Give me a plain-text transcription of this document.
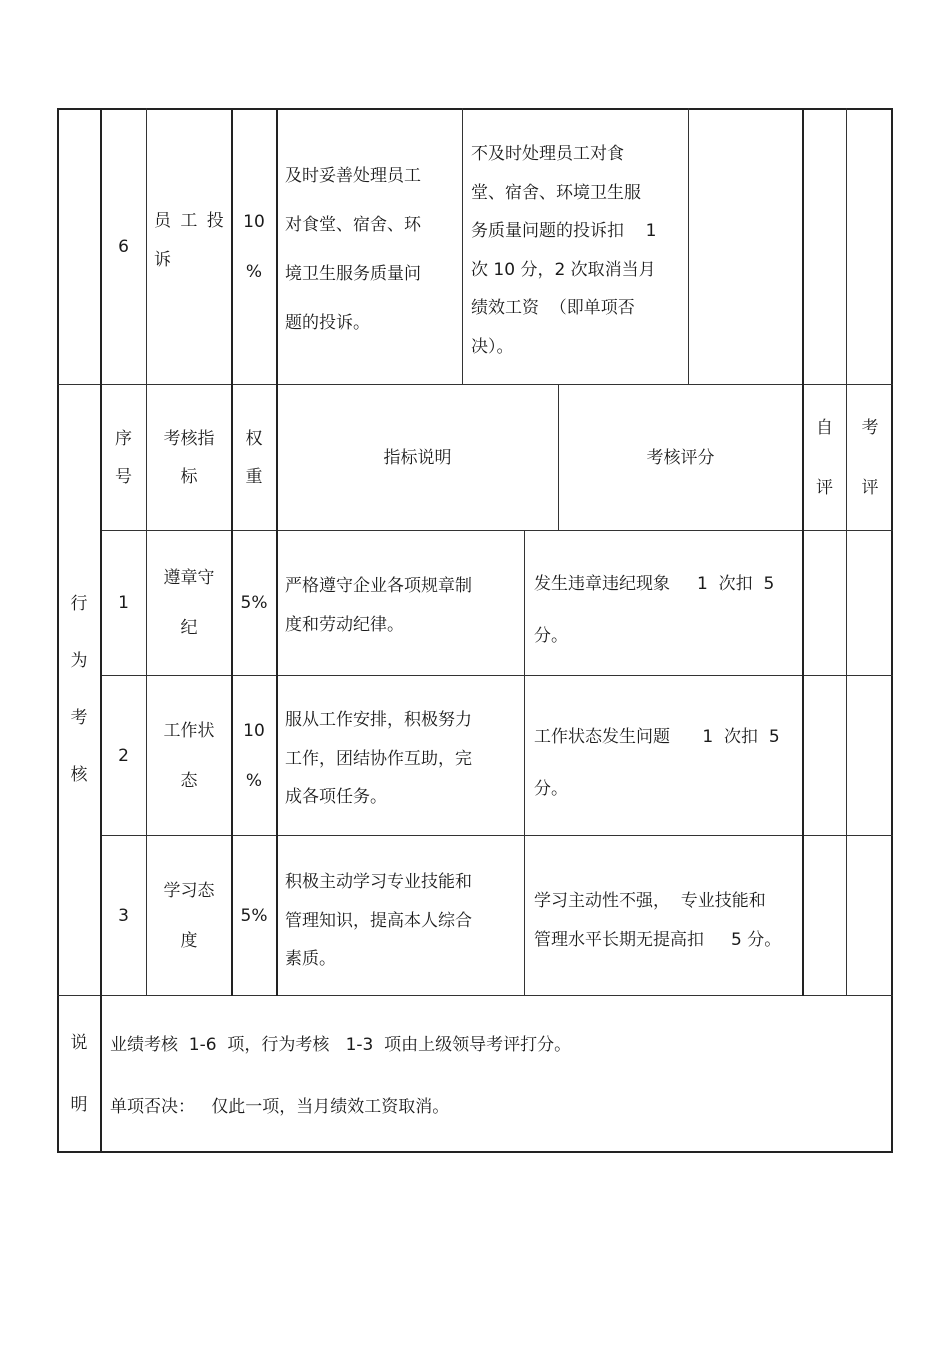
6
员 工 投
诉
10
%
及时妥善处理员工
对食堂、宿舍、环
境卫生服务质量问
题的投诉。
不及时处理员工对食
堂、宿舍、环境卫生服
务质量问题的投诉扣    1
次 10 分，2 次取消当月
绩效工资  （即单项否
决）。
行
为
考
核
序
号
考核指
标
权
重
指标说明	考核评分
自
评
考
评
1
遵章守
纪
5%
严格遵守企业各项规章制
度和劳动纪律。
发生违章违纪现象     1  次扣  5
分。
2
工作状
态
10
%
服从工作安排，积极努力
工作，团结协作互助，完
成各项任务。
工作状态发生问题      1  次扣  5
分。
3
学习态
度
5%
积极主动学习专业技能和
管理知识，提高本人综合
素质。
学习主动性不强，  专业技能和
管理水平长期无提高扣     5 分。
说
明
业绩考核  1-6  项，行为考核   1-3  项由上级领导考评打分。
单项否决：   仅此一项，当月绩效工资取消。
